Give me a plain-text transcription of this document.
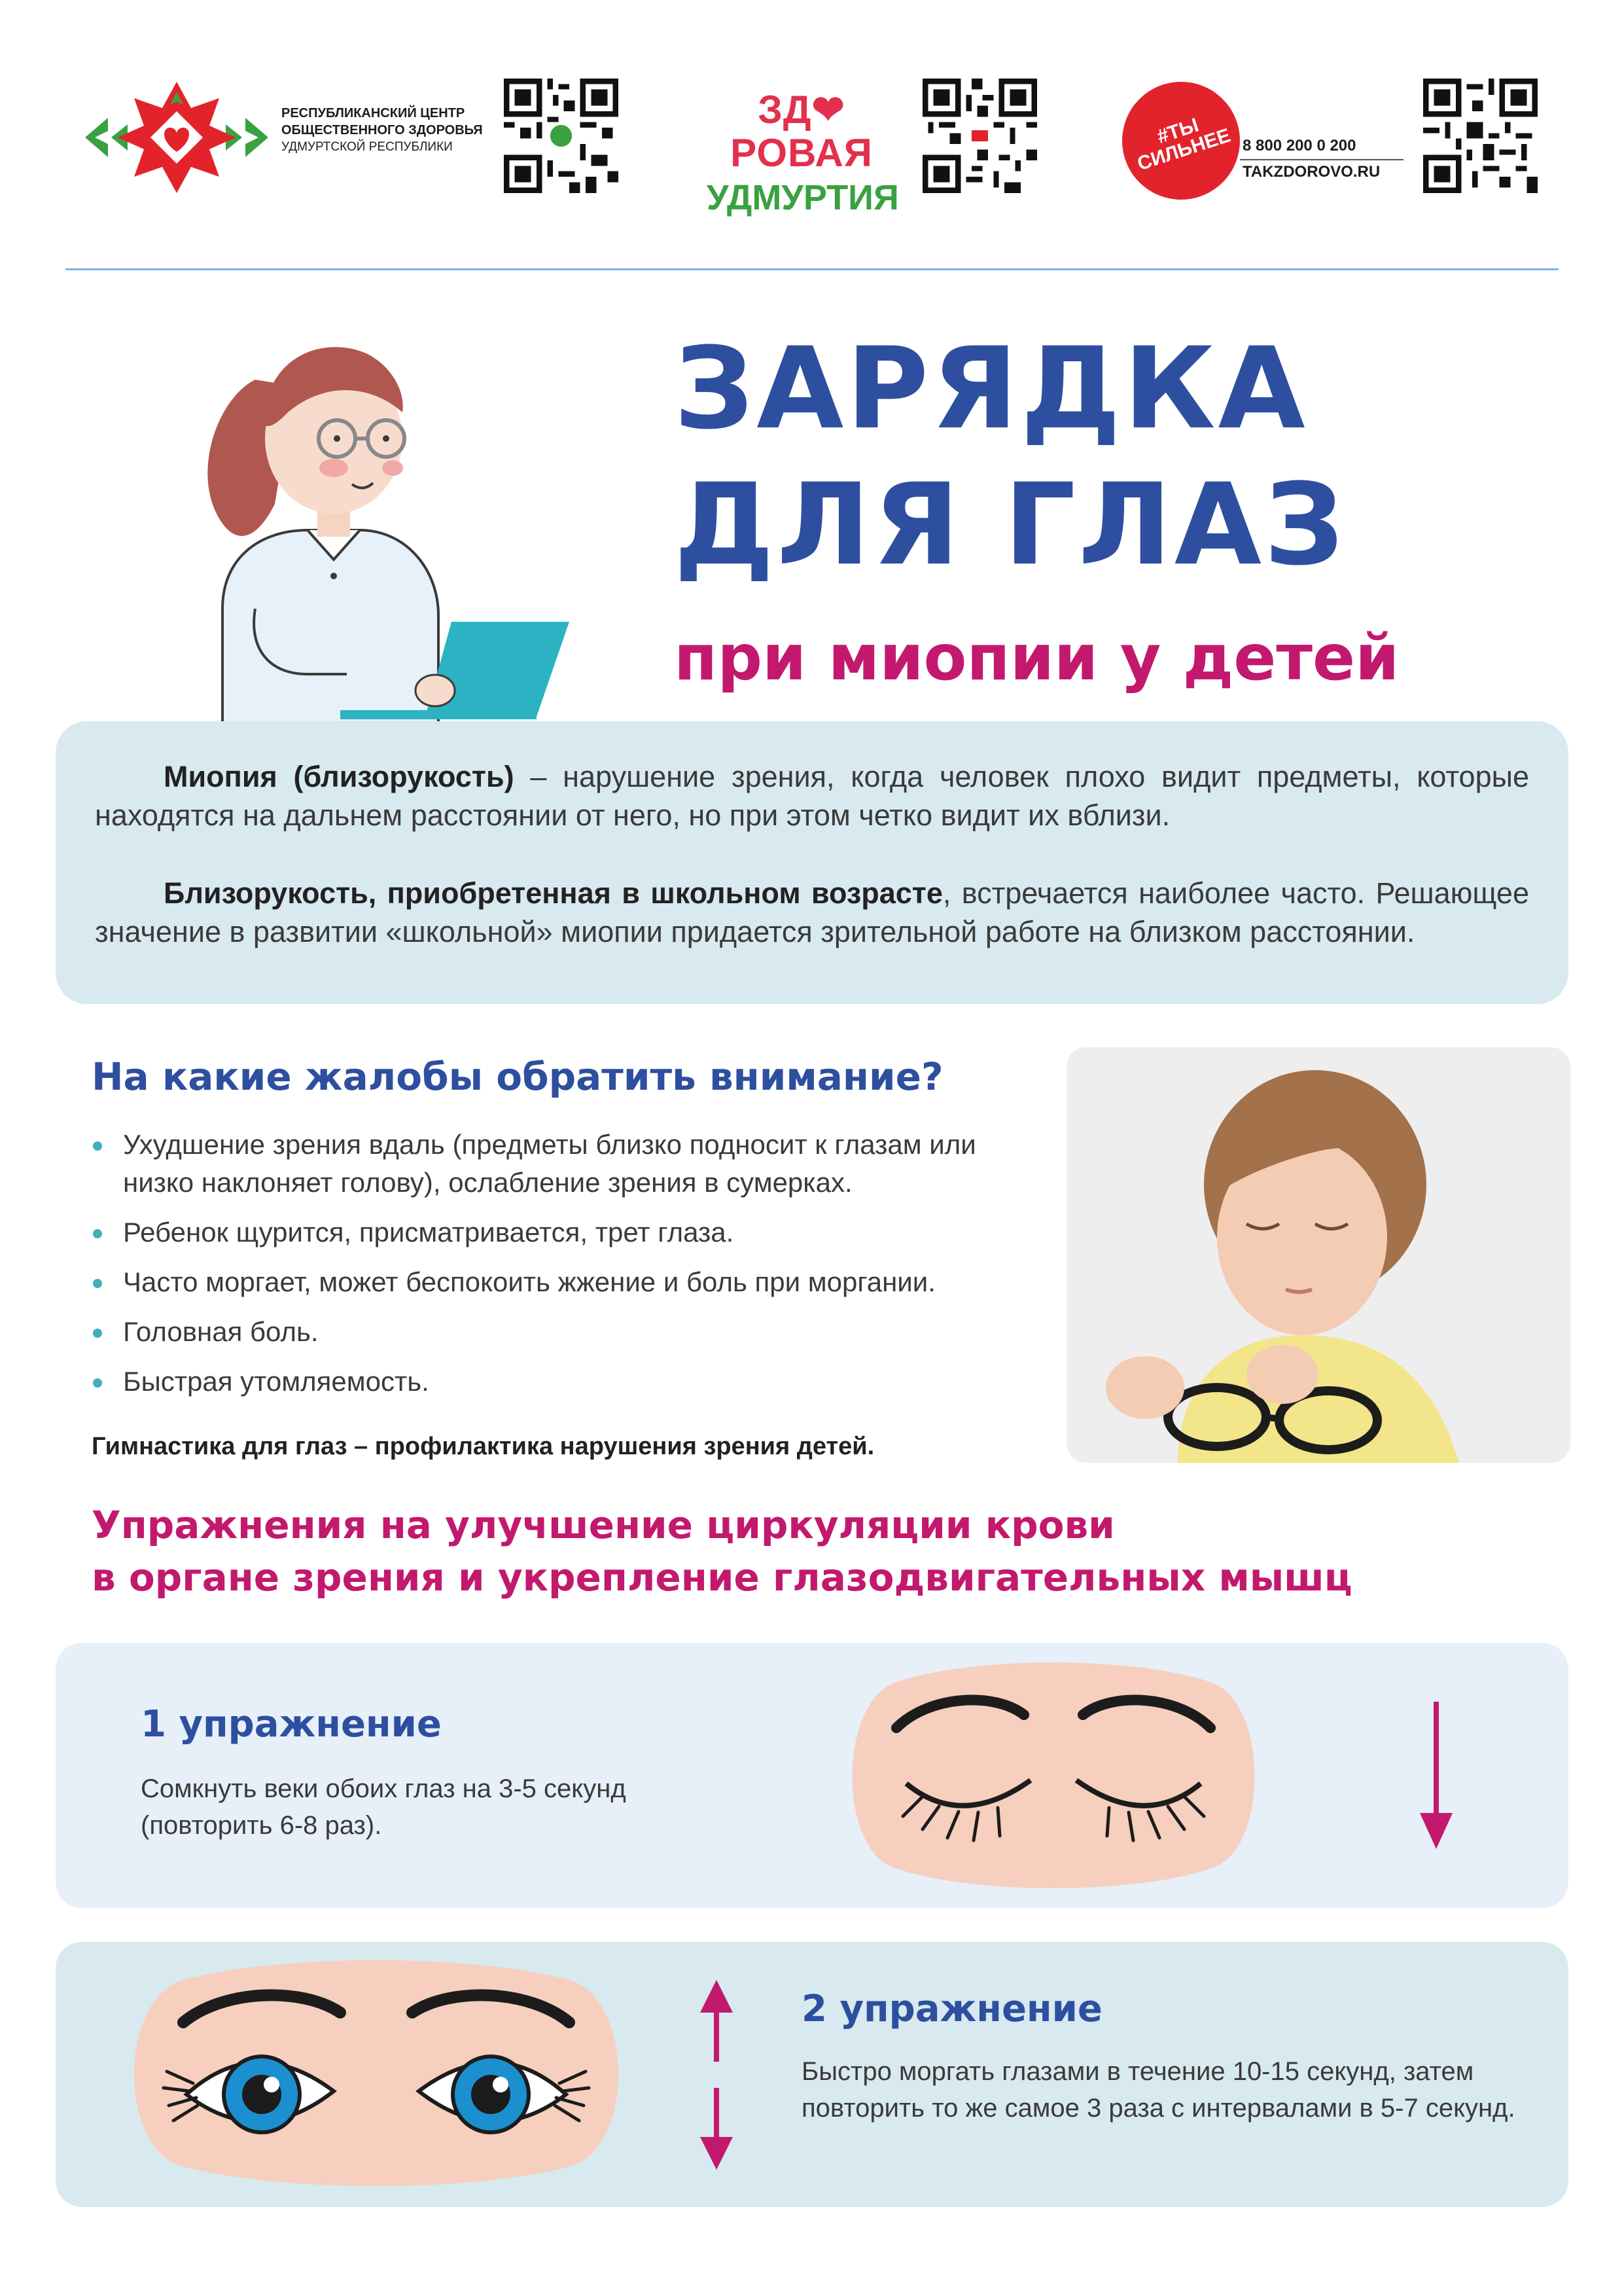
РЕСПУБЛИКАНСКИЙ ЦЕНТР
ОБЩЕСТВЕННОГО ЗДОРОВЬЯ
УДМУРТСКОЙ РЕСПУБЛИКИ
ЗД❤РОВАЯ
УДМУРТИЯ
#ТЫ СИЛЬНЕЕ 8 800 200 0 200
TAKZDOROVO.RU
ЗАРЯДКА
ДЛЯ ГЛАЗ
при миопии у детей

Миопия (близорукость) – нарушение зрения, когда человек плохо видит предметы, которые находятся на дальнем расстоянии от него, но при этом четко видит их вблизи.

Близорукость, приобретенная в школьном возрасте, встречается наиболее часто. Решающее значение в развитии «школьной» миопии придается зрительной работе на близком расстоянии.

На какие жалобы обратить внимание?
Ухудшение зрения вдаль (предметы близко подносит к глазам или низко наклоняет голову), ослабление зрения в сумерках.
Ребенок щурится, присматривается, трет глаза.
Часто моргает, может беспокоить жжение и боль при моргании.
Головная боль.
Быстрая утомляемость.
Гимнастика для глаз – профилактика нарушения зрения детей.
Упражнения на улучшение циркуляции крови
в органе зрения и укрепление глазодвигательных мышц
1 упражнение
Сомкнуть веки обоих глаз на 3-5 секунд (повторить 6-8 раз).
2 упражнение
Быстро моргать глазами в течение 10-15 секунд, затем повторить то же самое 3 раза с интервалами в 5-7 секунд.
